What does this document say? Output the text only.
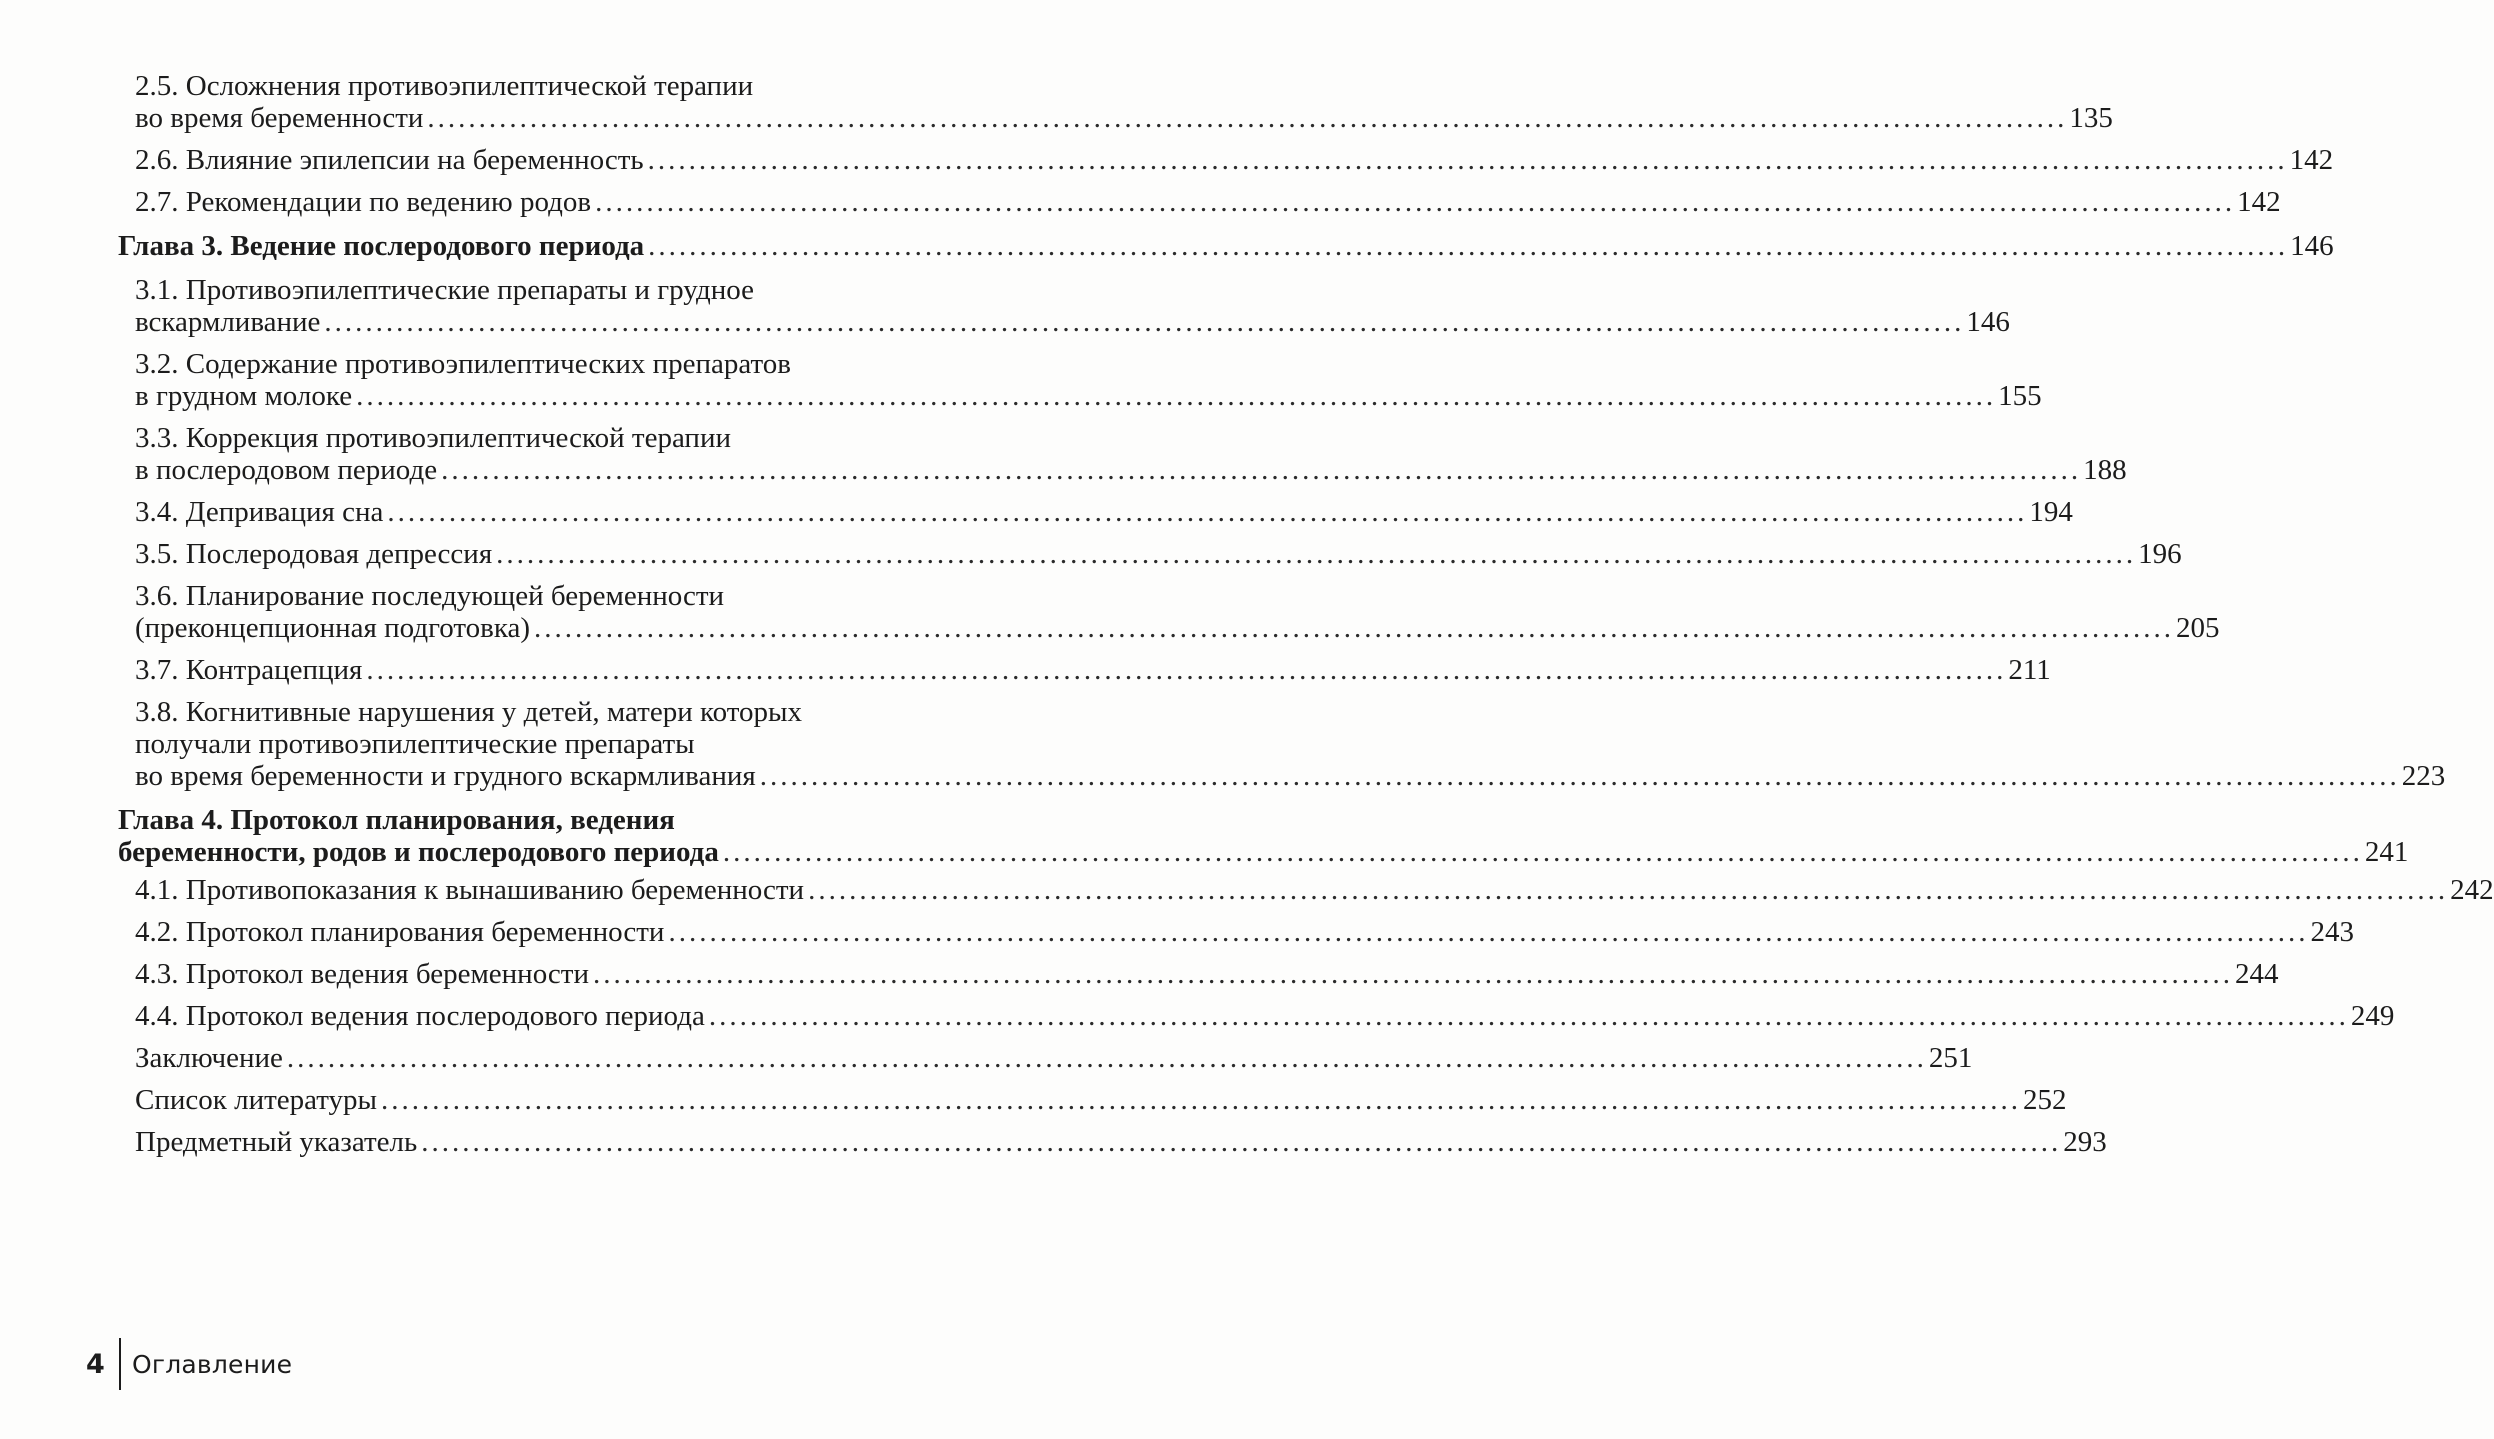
2.5. Осложнения противоэпилептической терапии
во время беременности ................................................................................................................................................................ 135
2.6. Влияние эпилепсии на беременность ................................................................................................................................................................ 142
2.7. Рекомендации по ведению родов ................................................................................................................................................................ 142
Глава 3. Ведение послеродового периода ................................................................................................................................................................ 146
3.1. Противоэпилептические препараты и грудное
вскармливание ................................................................................................................................................................ 146
3.2. Содержание противоэпилептических препаратов
в грудном молоке ................................................................................................................................................................ 155
3.3. Коррекция противоэпилептической терапии
в послеродовом периоде ................................................................................................................................................................ 188
3.4. Депривация сна ................................................................................................................................................................ 194
3.5. Послеродовая депрессия ................................................................................................................................................................ 196
3.6. Планирование последующей беременности
(преконцепционная подготовка) ................................................................................................................................................................ 205
3.7. Контрацепция ................................................................................................................................................................ 211
3.8. Когнитивные нарушения у детей, матери которых
получали противоэпилептические препараты
во время беременности и грудного вскармливания ................................................................................................................................................................ 223
Глава 4. Протокол планирования, ведения
беременности, родов и послеродового периода ................................................................................................................................................................ 241
4.1. Противопоказания к вынашиванию беременности ................................................................................................................................................................ 242
4.2. Протокол планирования беременности ................................................................................................................................................................ 243
4.3. Протокол ведения беременности ................................................................................................................................................................ 244
4.4. Протокол ведения послеродового периода ................................................................................................................................................................ 249
Заключение ................................................................................................................................................................ 251
Список литературы ................................................................................................................................................................ 252
Предметный указатель ................................................................................................................................................................ 293
4 Оглавление
